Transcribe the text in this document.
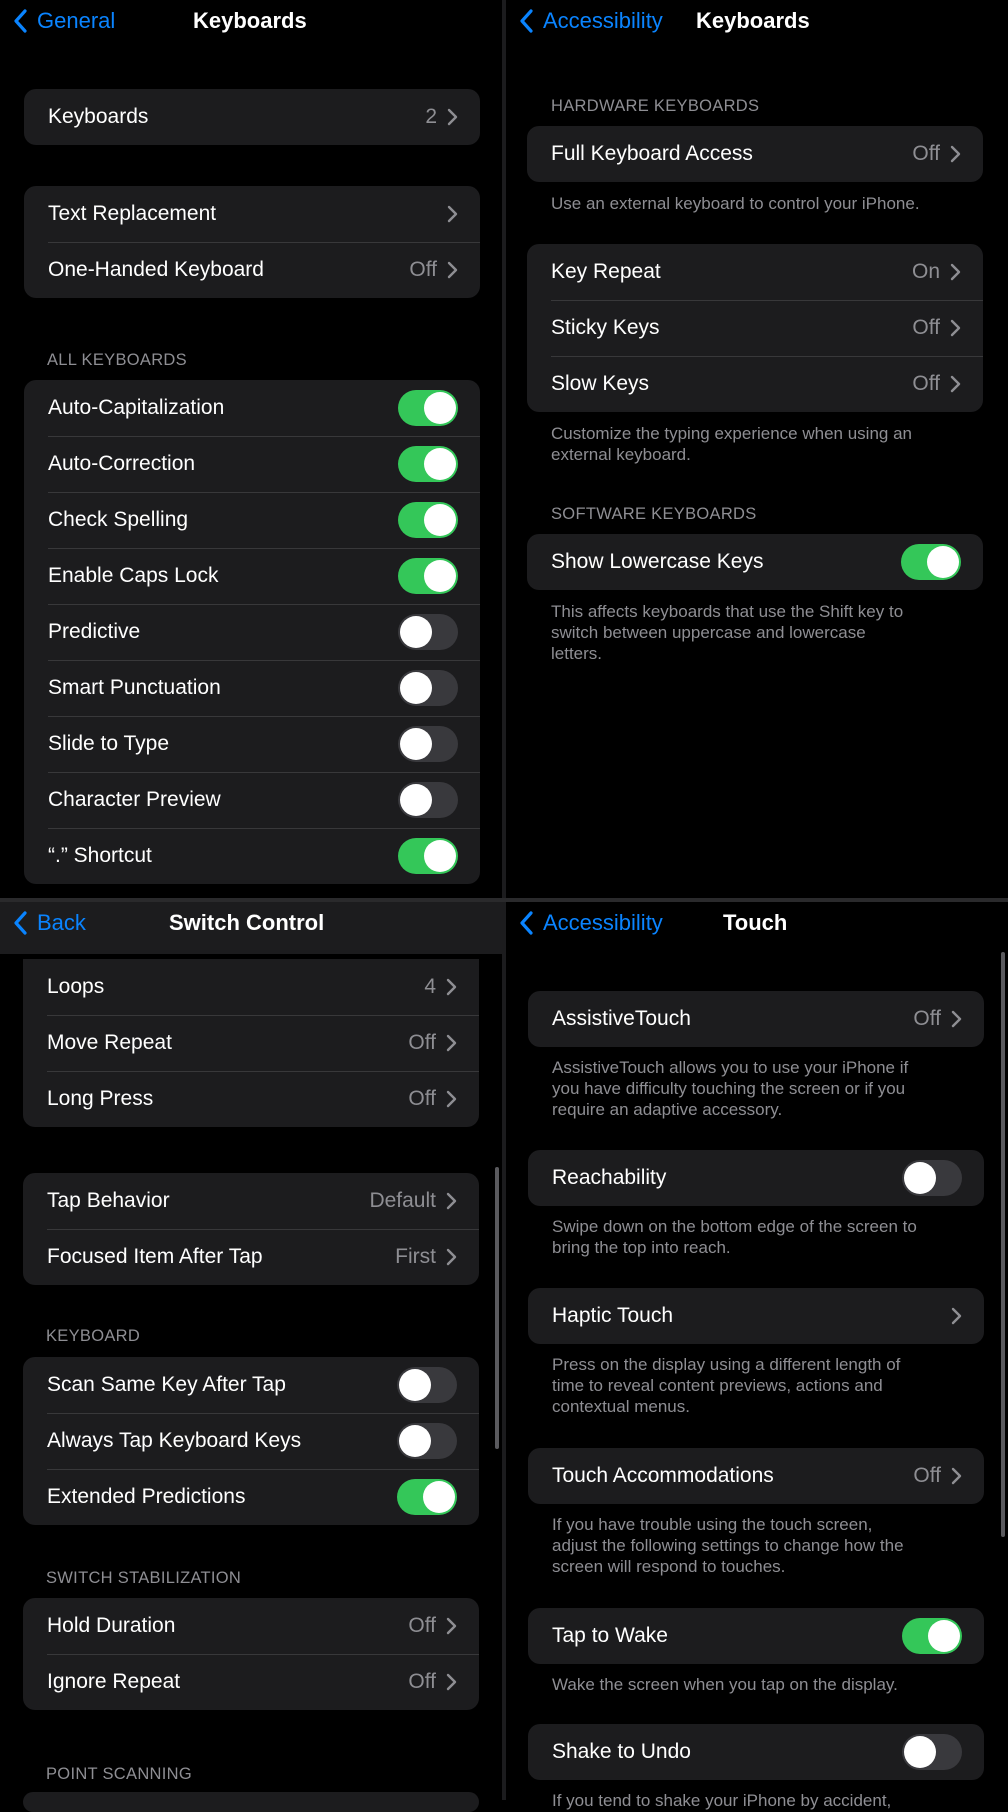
General	Keyboards
Keyboards	2
Text Replacement
One-Handed Keyboard	Off
ALL KEYBOARDS
Auto-Capitalization
Auto-Correction
Check Spelling
Enable Caps Lock
Predictive
Smart Punctuation
Slide to Type
Character Preview
“.” Shortcut
Accessibility Keyboards
HARDWARE KEYBOARDS
Full Keyboard Access	Off
Use an external keyboard to control your iPhone.
Key Repeat	On
Sticky Keys	Off
Slow Keys	Off
Customize the typing experience when using an
external keyboard.
SOFTWARE KEYBOARDS
Show Lowercase Keys
This affects keyboards that use the Shift key to
switch between uppercase and lowercase
letters.
Loops	4
Move Repeat	Off
Long Press	Off
Back	Switch Control
Tap Behavior	Default
Focused Item After Tap	First
KEYBOARD
Scan Same Key After Tap
Always Tap Keyboard Keys
Extended Predictions
SWITCH STABILIZATION
Hold Duration	Off
Ignore Repeat	Off
POINT SCANNING
Accessibility	Touch
AssistiveTouch	Off
AssistiveTouch allows you to use your iPhone if
you have difficulty touching the screen or if you
require an adaptive accessory.
Reachability
Swipe down on the bottom edge of the screen to
bring the top into reach.
Haptic Touch
Press on the display using a different length of
time to reveal content previews, actions and
contextual menus.
Touch Accommodations	Off
If you have trouble using the touch screen,
adjust the following settings to change how the
screen will respond to touches.
Tap to Wake
Wake the screen when you tap on the display.
Shake to Undo
If you tend to shake your iPhone by accident,
